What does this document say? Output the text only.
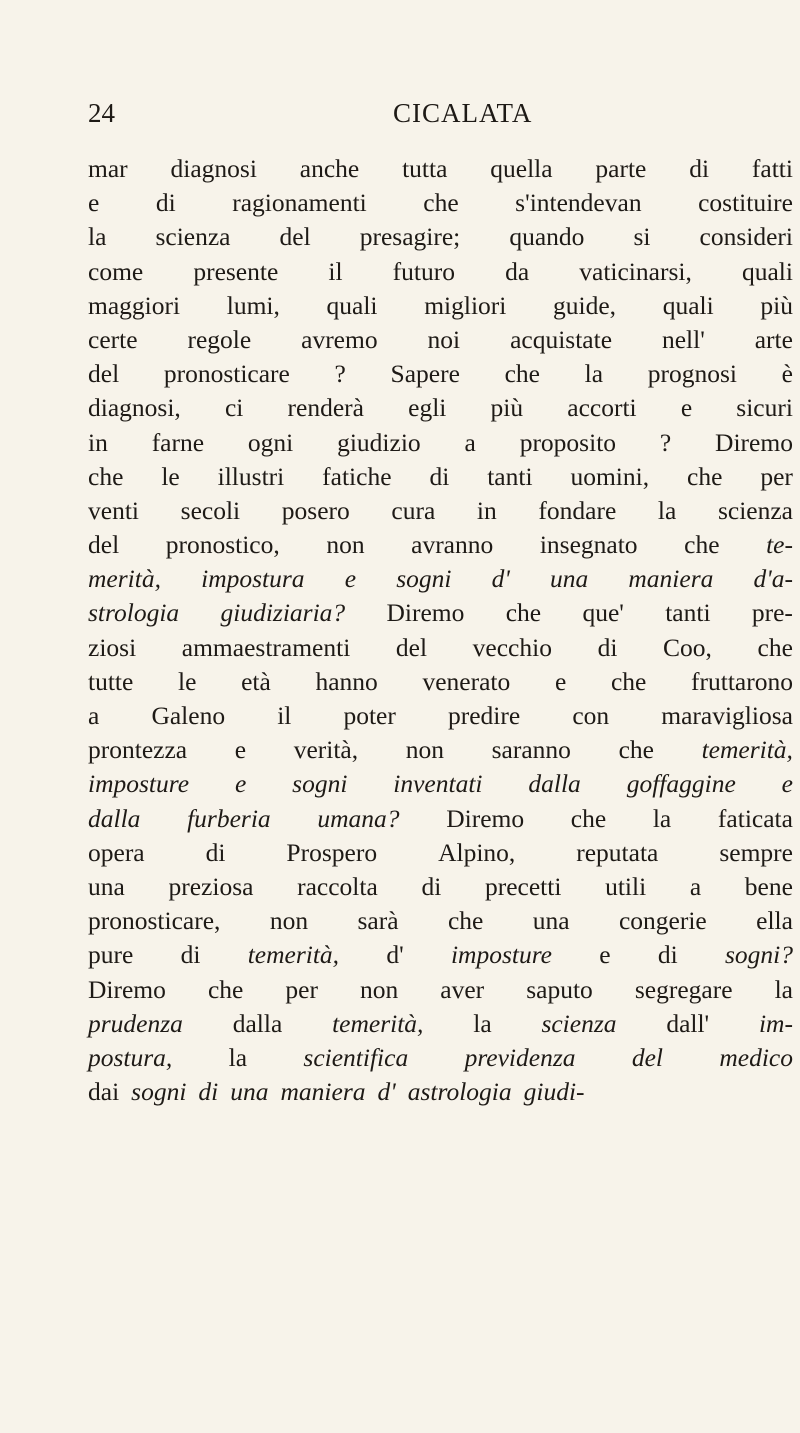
24	CICALATA
mar diagnosi anche tutta quella parte di fatti
e di ragionamenti che s'intendevan costituire
la scienza del presagire; quando si consideri
come presente il futuro da vaticinarsi, quali
maggiori lumi, quali migliori guide, quali più
certe regole avremo noi acquistate nell' arte
del pronosticare ? Sapere che la prognosi è
diagnosi, ci renderà egli più accorti e sicuri
in farne ogni giudizio a proposito ? Diremo
che le illustri fatiche di tanti uomini, che per
venti secoli posero cura in fondare la scienza
del pronostico, non avranno insegnato che te-
merità, impostura e sogni d' una maniera d'a-
strologia giudiziaria? Diremo che que' tanti pre-
ziosi ammaestramenti del vecchio di Coo, che
tutte le età hanno venerato e che fruttarono
a Galeno il poter predire con maravigliosa
prontezza e verità, non saranno che temerità,
imposture e sogni inventati dalla goffaggine e
dalla furberia umana? Diremo che la faticata
opera di Prospero Alpino, reputata sempre
una preziosa raccolta di precetti utili a bene
pronosticare, non sarà che una congerie ella
pure di temerità, d' imposture e di sogni?
Diremo che per non aver saputo segregare la
prudenza dalla temerità, la scienza dall' im-
postura, la scientifica previdenza del medico
dai sogni di una maniera d' astrologia giudi-
